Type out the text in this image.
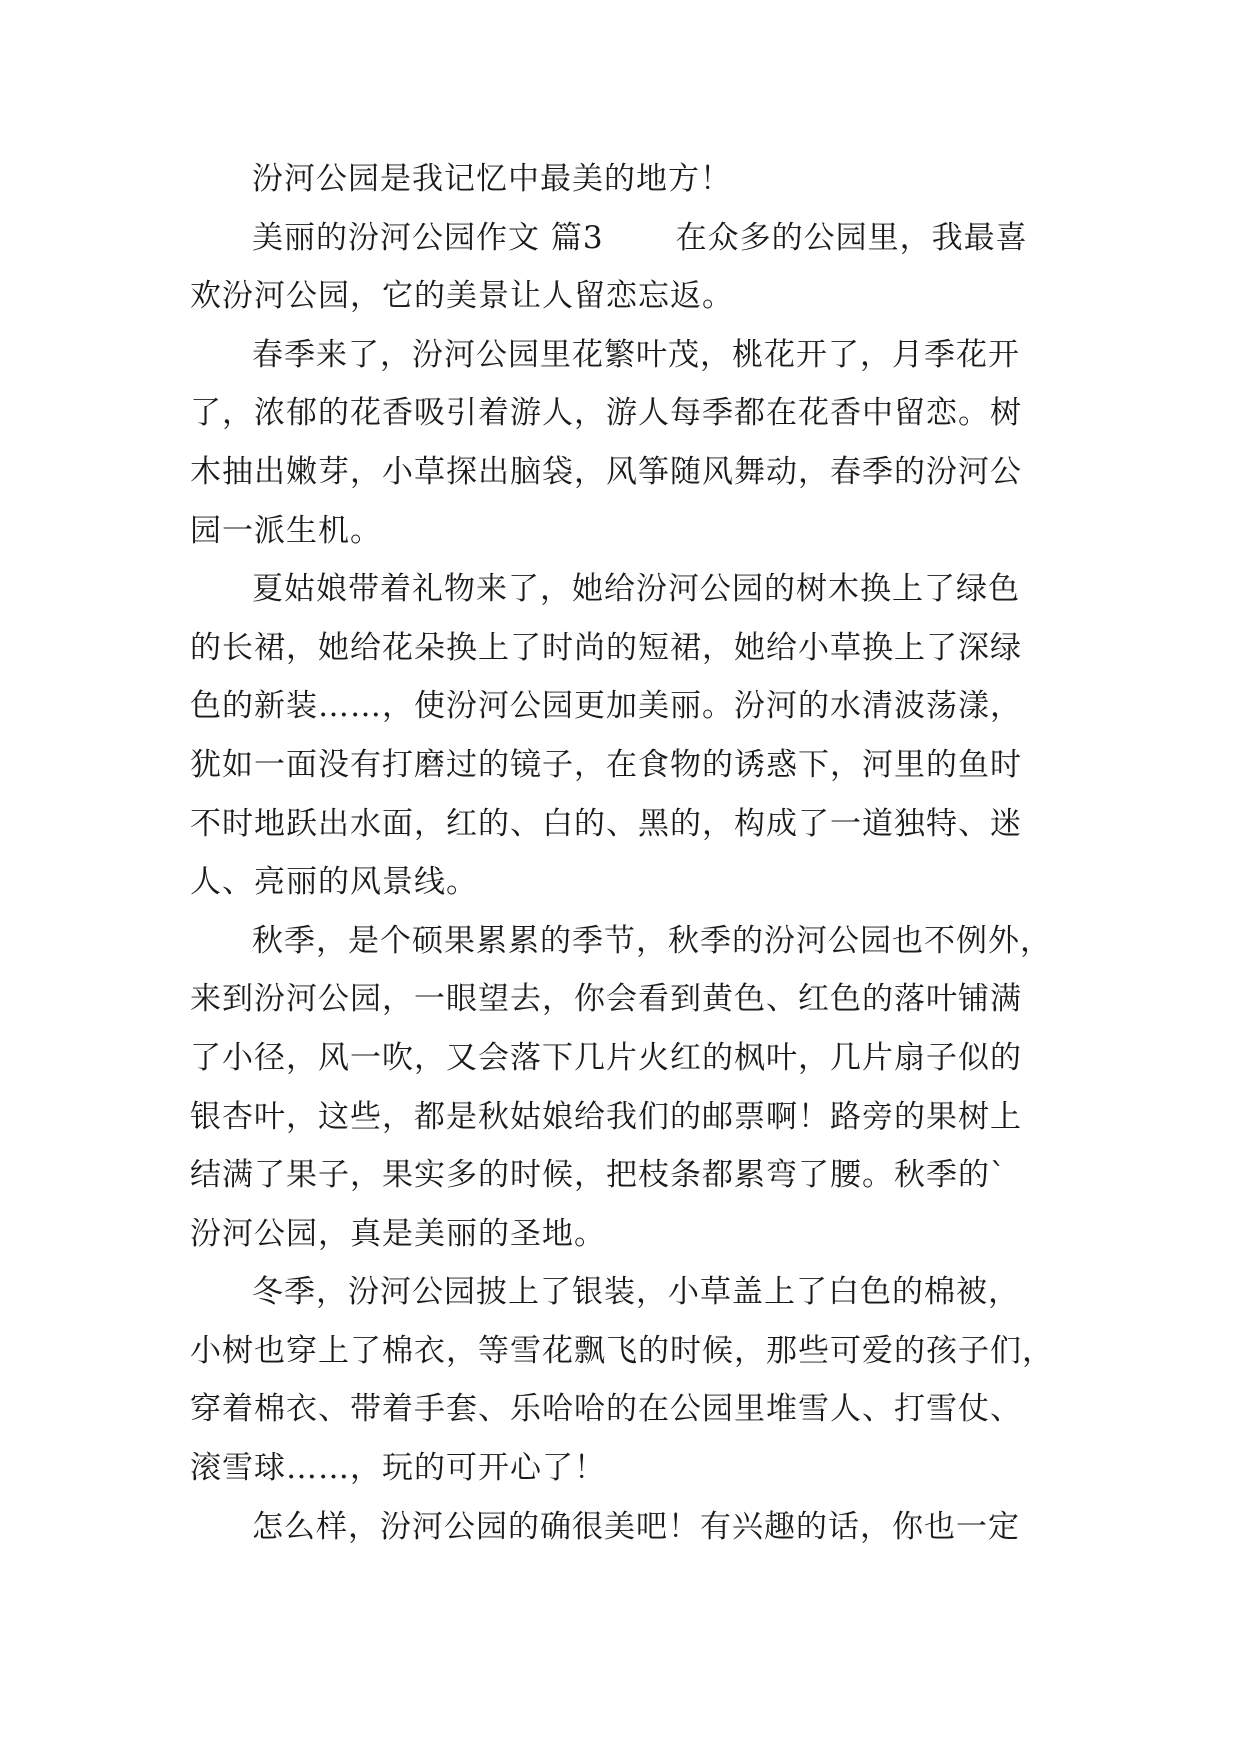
汾河公园是我记忆中最美的地方！

美丽的汾河公园作文 篇3 在众多的公园里，我最喜
欢汾河公园，它的美景让人留恋忘返。

春季来了，汾河公园里花繁叶茂，桃花开了，月季花开
了，浓郁的花香吸引着游人，游人每季都在花香中留恋。树
木抽出嫩芽，小草探出脑袋，风筝随风舞动，春季的汾河公
园一派生机。

夏姑娘带着礼物来了，她给汾河公园的树木换上了绿色
的长裙，她给花朵换上了时尚的短裙，她给小草换上了深绿
色的新装……，使汾河公园更加美丽。汾河的水清波荡漾，
犹如一面没有打磨过的镜子，在食物的诱惑下，河里的鱼时
不时地跃出水面，红的、白的、黑的，构成了一道独特、迷
人、亮丽的风景线。

秋季，是个硕果累累的季节，秋季的汾河公园也不例外，
来到汾河公园，一眼望去，你会看到黄色、红色的落叶铺满
了小径，风一吹，又会落下几片火红的枫叶，几片扇子似的
银杏叶，这些，都是秋姑娘给我们的邮票啊！路旁的果树上
结满了果子，果实多的时候，把枝条都累弯了腰。秋季的`
汾河公园，真是美丽的圣地。

冬季，汾河公园披上了银装，小草盖上了白色的棉被，
小树也穿上了棉衣，等雪花飘飞的时候，那些可爱的孩子们，
穿着棉衣、带着手套、乐哈哈的在公园里堆雪人、打雪仗、
滚雪球……，玩的可开心了！

怎么样，汾河公园的确很美吧！有兴趣的话，你也一定
